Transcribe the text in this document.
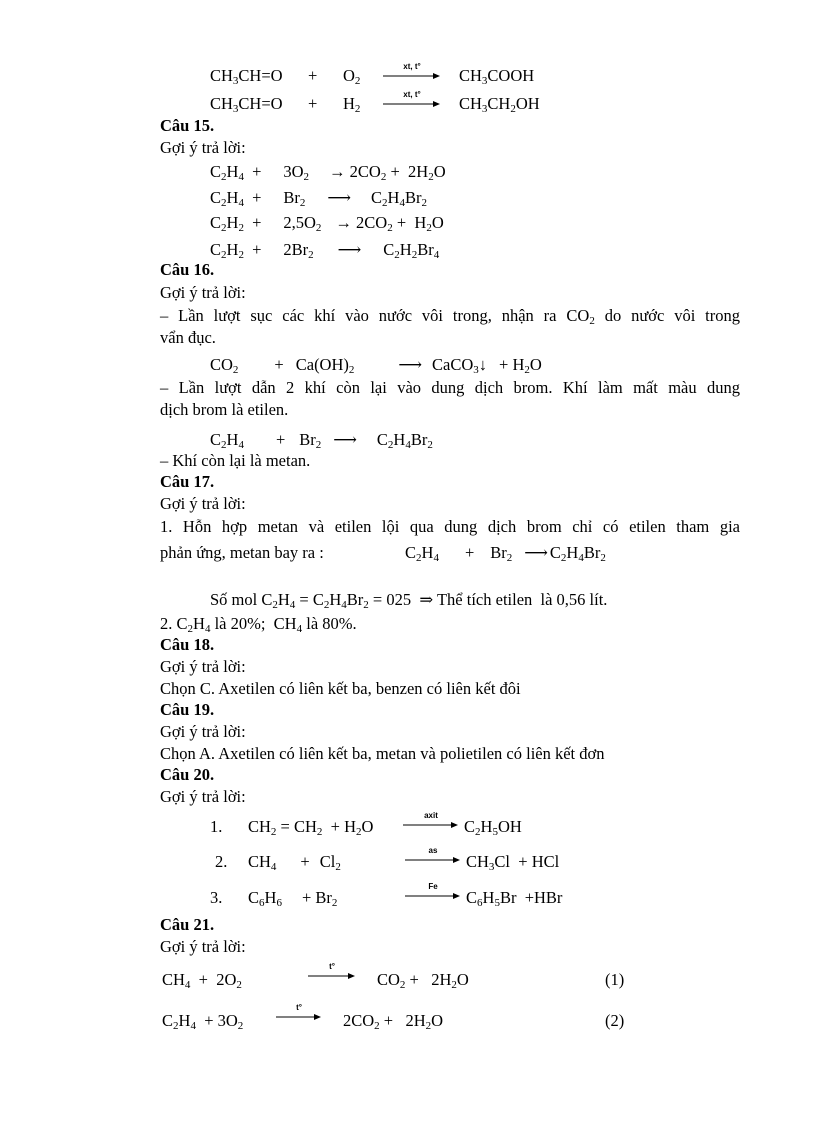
$CH_3CH=O + O_2$
xt, t°	$CH_3COOH$
$CH_3CH=O + H_2$
xt, t°	$CH_3CH_2OH$
Câu 15.
Gợi ý trả lời:
$C_2H_4 + 3O_2 \to 2CO_2 + 2H_2O$
$C_2H_4 + Br_2$ ⟶ $C_2H_4Br_2$
$C_2H_2 + 2,5O_2 \to 2CO_2 + H_2O$
$C_2H_2 + 2Br_2$ ⟶ $C_2H_2Br_4$
Câu 16.
Gợi ý trả lời:
– Lần lượt sục các khí vào nước vôi trong, nhận ra $CO_2$ do nước vôi trong
vẩn đục.
$CO_2 + Ca(OH)_2$	⟶ CaCO$_3$↓ + $H_2O$
– Lần lượt dẫn 2 khí còn lại vào dung dịch brom. Khí làm mất màu dung
dịch brom là etilen.
$C_2H_4 + Br_2$ ⟶ $C_2H_4Br_2$
– Khí còn lại là metan.
Câu 17.
Gợi ý trả lời:
1. Hỗn hợp metan và etilen lội qua dung dịch brom chỉ có etilen tham gia
phản ứng, metan bay ra :	$C_2H_4 + Br_2$ ⟶ $C_2H_4Br_2$
Số mol $C_2H_4 = C_2H_4Br_2 = 025$  ⇒ Thể tích etilen  là 0,56 lít.
2. $C_2H_4$ là 20%;  $CH_4$ là 80%.
Câu 18.
Gợi ý trả lời:
Chọn C. Axetilen có liên kết ba, benzen có liên kết đôi
Câu 19.
Gợi ý trả lời:
Chọn A. Axetilen có liên kết ba, metan và polietilen có liên kết đơn
Câu 20.
Gợi ý trả lời:
1. $CH_2 = CH_2 + H_2O$
axit
$C_2H_5OH$
2. $CH_4 + Cl_2$
as
$CH_3Cl$  + HCl
3. $C_6H_6 + Br_2$
Fe
$C_6H_5Br +HBr$
Câu 21.
Gợi ý trả lời:
$CH_4 + 2O_2$
t°
$CO_2 + 2H_2O$	(1)
$C_2H_4 + 3O_2$
t°
$2CO_2 + 2H_2O$	(2)
